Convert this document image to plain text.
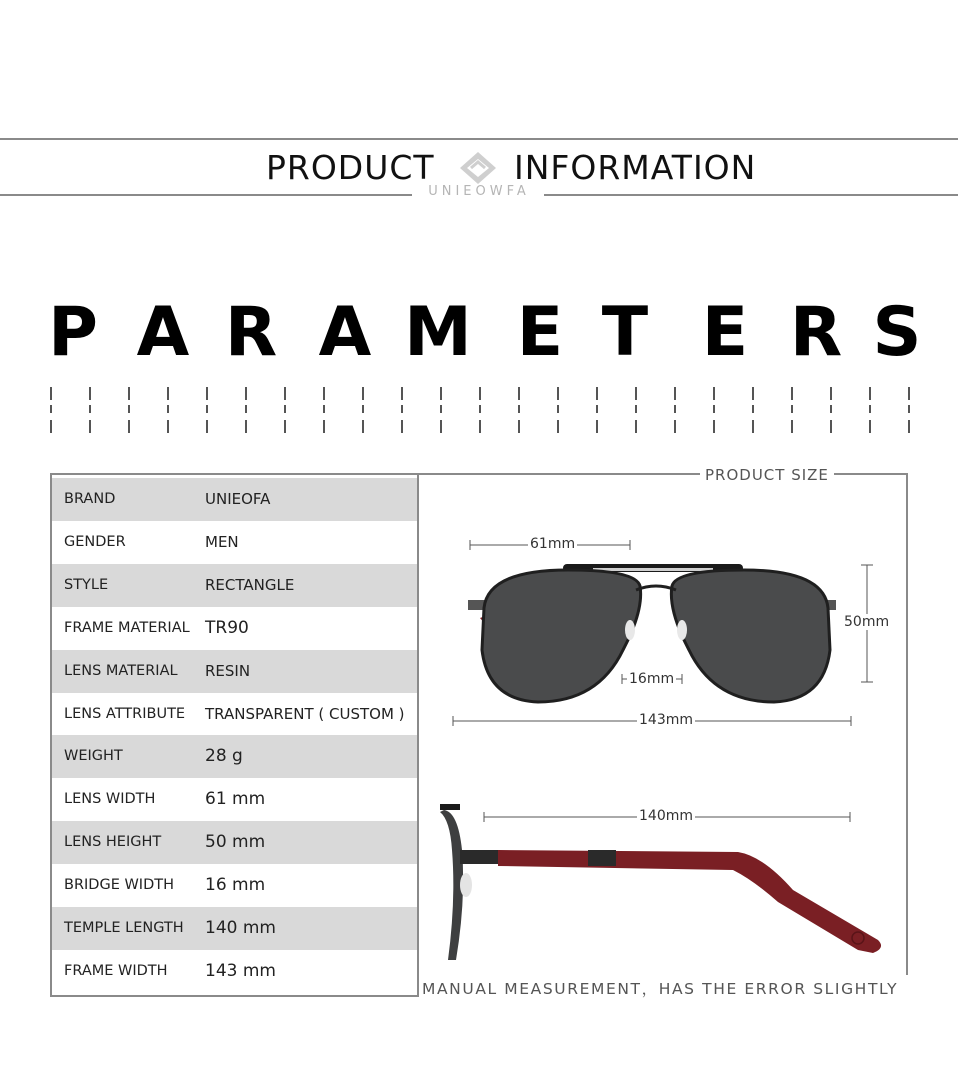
PRODUCT INFORMATION
UNIEOWFA
P A R A M E T E R S
BRAND	UNIEOFA
GENDER	MEN
STYLE	RECTANGLE
FRAME MATERIAL TR90
LENS MATERIAL RESIN
LENS ATTRIBUTE TRANSPARENT ( CUSTOM )
WEIGHT	28 g
LENS WIDTH	61 mm
LENS HEIGHT	50 mm
BRIDGE WIDTH 16 mm
TEMPLE LENGTH 140 mm
FRAME WIDTH 143 mm
PRODUCT SIZE
61mm
50mm
16mm
143mm
140mm
MANUAL MEASUREMENT，HAS THE ERROR SLIGHTLY
